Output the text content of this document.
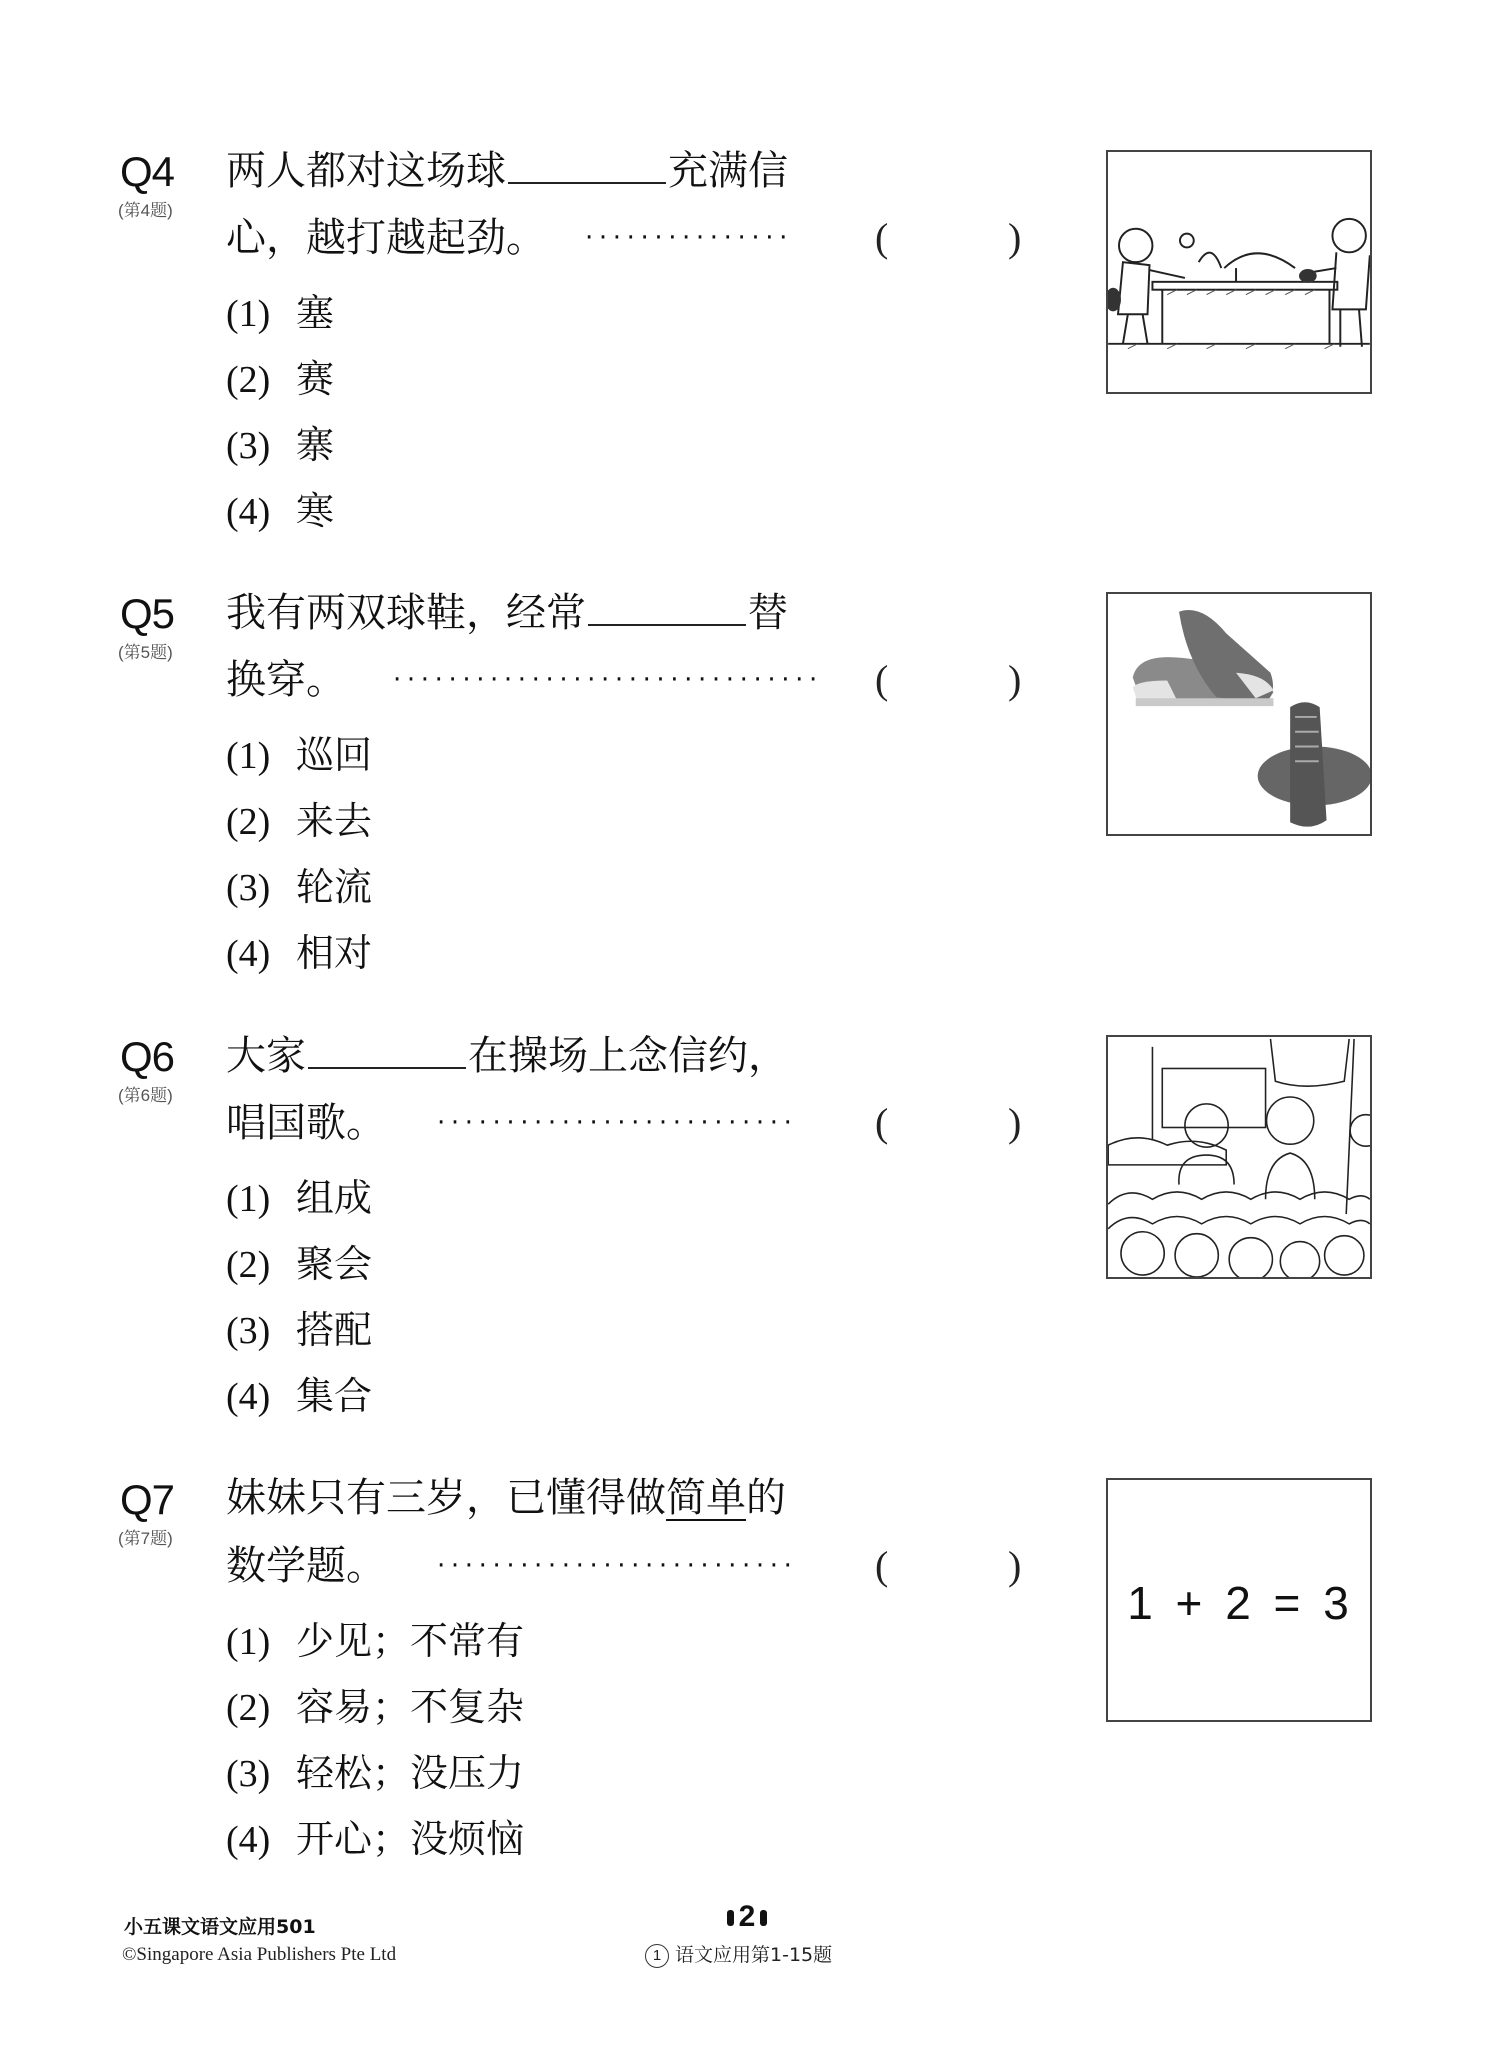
Q4
(第4题)
两人都对这场球	充满信
心，越打越起劲。 ···············	(	)
(1) 塞
(2) 赛
(3) 寨
(4) 寒
Q5
(第5题)
我有两双球鞋，经常	替
换穿。 ······························· (	)
(1) 巡回
(2) 来去
(3) 轮流
(4) 相对
Q6
(第6题)
大家	在操场上念信约，
唱国歌。 ··························	(	)
(1) 组成
(2) 聚会
(3) 搭配
(4) 集合
Q7
(第7题)
妹妹只有三岁，已懂得做简单的
数学题。 ··························	(	)
(1) 少见；不常有
(2) 容易；不复杂
(3) 轻松；没压力
(4) 开心；没烦恼
1 + 2 = 3
小五课文语文应用501
©Singapore Asia Publishers Pte Ltd
2
1 语文应用第1-15题
